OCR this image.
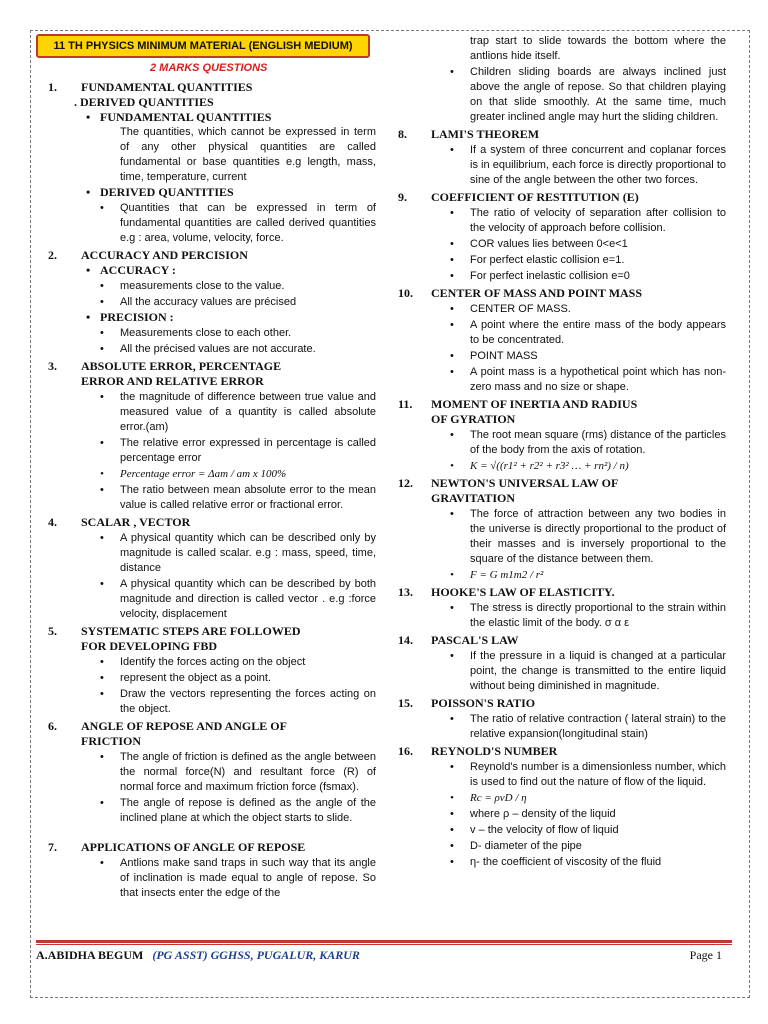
11 TH PHYSICS MINIMUM MATERIAL (ENGLISH MEDIUM)
2 MARKS QUESTIONS
1.	FUNDAMENTAL QUANTITIES
. DERIVED QUANTITIES
• FUNDAMENTAL QUANTITIES
The quantities, which cannot be expressed in term of any other physical quantities are called fundamental or base quantities e.g length, mass, time, temperature, current
• DERIVED QUANTITIES
• Quantities that can be expressed in term of fundamental quantities are called derived quantities e.g : area, volume, velocity, force.
2.	ACCURACY AND PERCISION
• ACCURACY :
• measurements close to the value.
• All the accuracy values are précised
• PRECISION :
• Measurements close to each other.
• All the précised values are not accurate.
3.	ABSOLUTE ERROR, PERCENTAGE
ERROR AND RELATIVE ERROR
• the magnitude of difference between true value and measured value of a quantity is called absolute error.(am)
• The relative error expressed in percentage is called percentage error
• Percentage error = Δam / am x 100%
• The ratio between mean absolute error to the mean value is called relative error or fractional error.
4.	SCALAR , VECTOR
• A physical quantity which can be described only by magnitude is called scalar. e.g : mass, speed, time, distance
• A physical quantity which can be described by both magnitude and direction is called vector . e.g :force velocity, displacement
5.	SYSTEMATIC STEPS ARE FOLLOWED
FOR DEVELOPING FBD
• Identify the forces acting on the object
• represent the object as a point.
• Draw the vectors representing the forces acting on the object.
6.	ANGLE OF REPOSE AND ANGLE OF
FRICTION
• The angle of friction is defined as the angle between the normal force(N) and resultant force (R) of normal force and maximum friction force (fsmax).
• The angle of repose is defined as the angle of the inclined plane at which the object starts to slide.
7.	APPLICATIONS OF ANGLE OF REPOSE
• Antlions make sand traps in such way that its angle of inclination is made equal to angle of repose. So that insects enter the edge of the
trap start to slide towards the bottom where the antlions hide itself.
• Children sliding boards are always inclined just above the angle of repose. So that children playing on that slide smoothly. At the same time, much greater inclined angle may hurt the sliding children.
8.	LAMI'S THEOREM
• If a system of three concurrent and coplanar forces is in equilibrium, each force is directly proportional to sine of the angle between the other two forces.
9.	COEFFICIENT OF RESTITUTION (E)
• The ratio of velocity of separation after collision to the velocity of approach before collision.
• COR values lies between 0<e<1
• For perfect elastic collision e=1.
• For perfect inelastic collision e=0
10.	CENTER OF MASS AND POINT MASS
• CENTER OF MASS.
• A point where the entire mass of the body appears to be concentrated.
• POINT MASS
• A point mass is a hypothetical point which has non-zero mass and no size or shape.
11.	MOMENT OF INERTIA AND RADIUS
OF GYRATION
• The root mean square (rms) distance of the particles of the body from the axis of rotation.
• K = √((r1² + r2² + r3² … + rn²) / n)
12.	NEWTON'S UNIVERSAL LAW OF
GRAVITATION
• The force of attraction between any two bodies in the universe is directly proportional to the product of their masses and is inversely proportional to the square of the distance between them.
• F = G m1m2 / r²
13.	HOOKE'S LAW OF ELASTICITY.
• The stress is directly proportional to the strain within the elastic limit of the body. σ α ε
14.	PASCAL'S LAW
• If the pressure in a liquid is changed at a particular point, the change is transmitted to the entire liquid without being diminished in magnitude.
15.	POISSON'S RATIO
• The ratio of relative contraction ( lateral strain) to the relative expansion(longitudinal stain)
16.	REYNOLD'S NUMBER
• Reynold's number is a dimensionless number, which is used to find out the nature of flow of the liquid.
• Rc = ρvD / η
• where ρ – density of the liquid
• v – the velocity of flow of liquid
• D- diameter of the pipe
• η- the coefficient of viscosity of the fluid
A.ABIDHA BEGUM (PG ASST) GGHSS, PUGALUR, KARUR	Page 1
